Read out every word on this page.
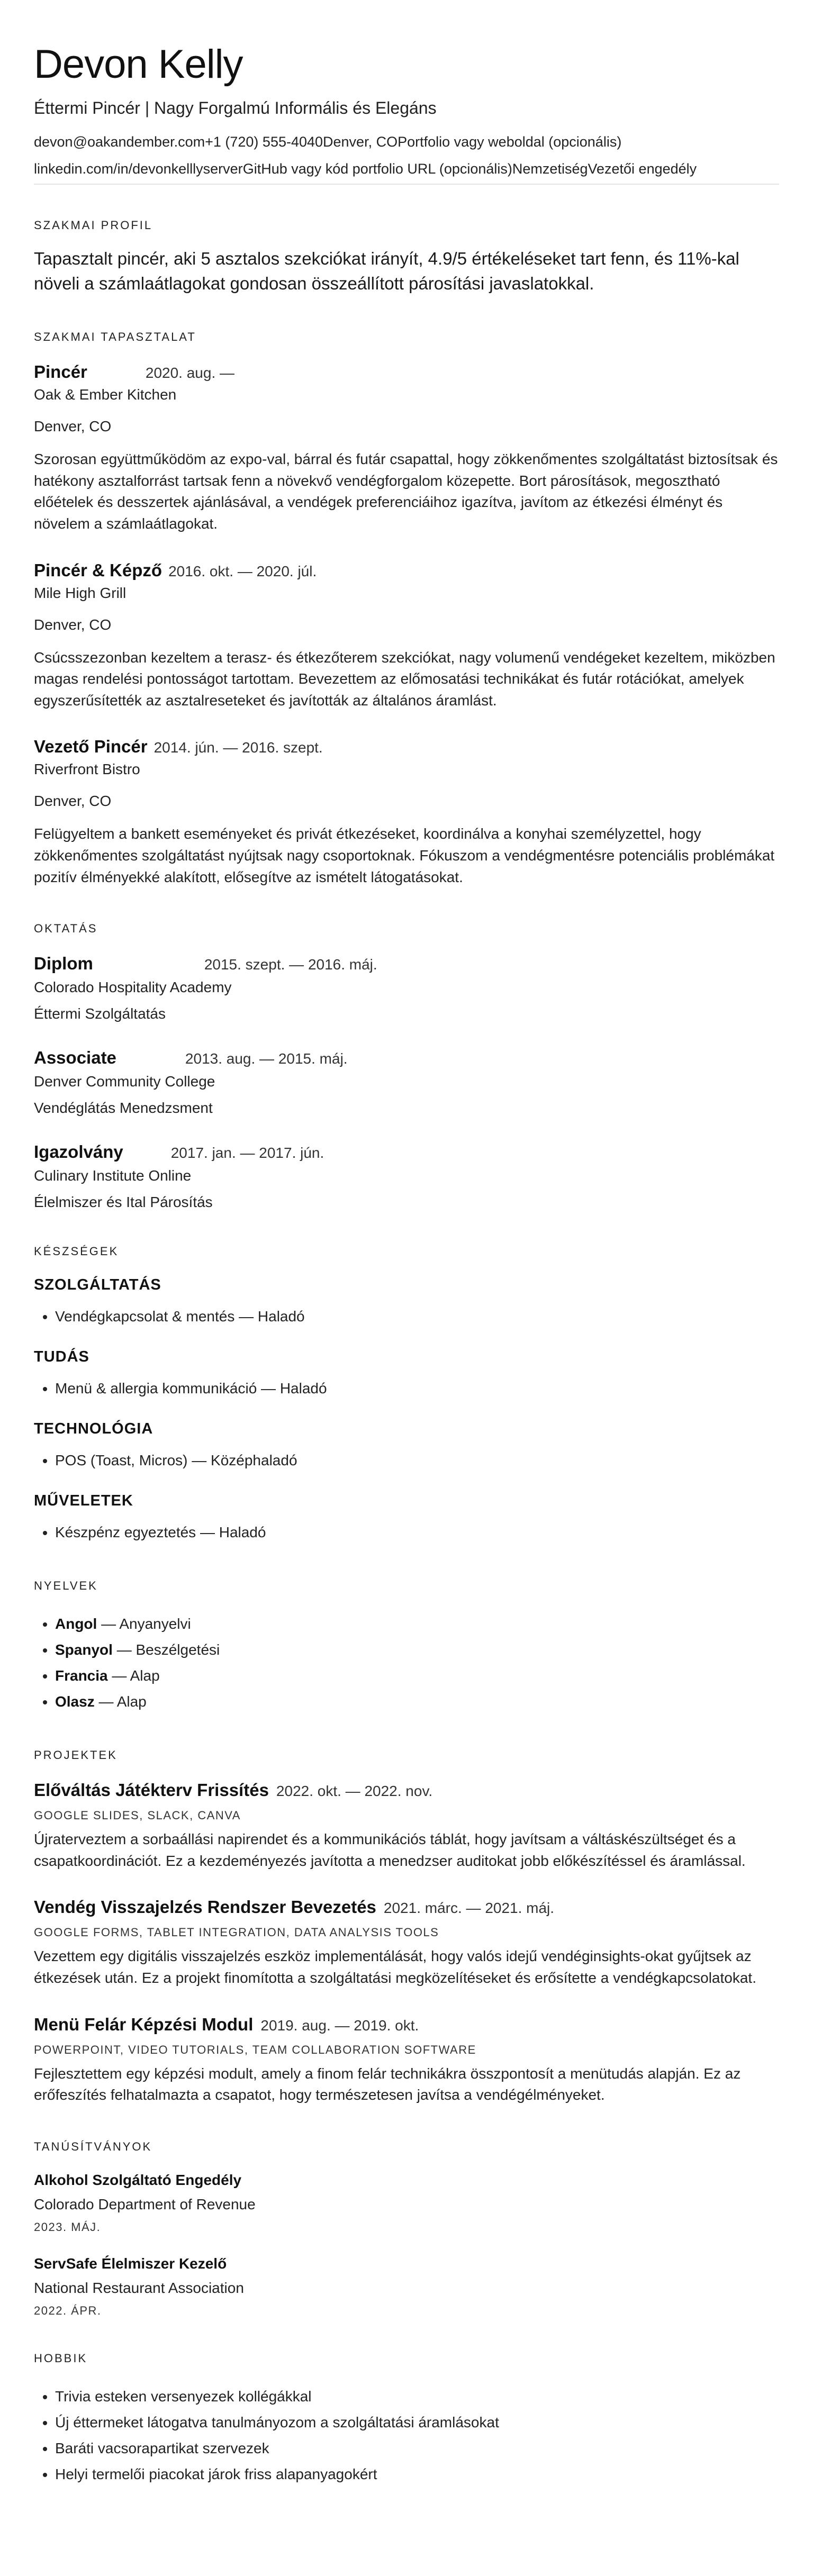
Devon Kelly
Éttermi Pincér | Nagy Forgalmú Informális és Elegáns
devon@oakandember.com+1 (720) 555-4040Denver, COPortfolio vagy weboldal (opcionális)
linkedin.com/in/devonkelllyserverGitHub vagy kód portfolio URL (opcionális)NemzetiségVezetői engedély
SZAKMAI PROFIL
Tapasztalt pincér, aki 5 asztalos szekciókat irányít, 4.9/5 értékeléseket tart fenn, és 11%-kal növeli a számlaátlagokat gondosan összeállított párosítási javaslatokkal.
SZAKMAI TAPASZTALAT
Pincér	2020. aug. —
Oak & Ember Kitchen
Denver, CO
Szorosan együttműködöm az expo-val, bárral és futár csapattal, hogy zökkenőmentes szolgáltatást biztosítsak és hatékony asztalforrást tartsak fenn a növekvő vendégforgalom közepette. Bort párosítások, megosztható előételek és desszertek ajánlásával, a vendégek preferenciáihoz igazítva, javítom az étkezési élményt és növelem a számlaátlagokat.
Pincér & Képző 2016. okt. — 2020. júl.
Mile High Grill
Denver, CO
Csúcsszezonban kezeltem a terasz- és étkezőterem szekciókat, nagy volumenű vendégeket kezeltem, miközben magas rendelési pontosságot tartottam. Bevezettem az előmosatási technikákat és futár rotációkat, amelyek egyszerűsítették az asztalreseteket és javították az általános áramlást.
Vezető Pincér 2014. jún. — 2016. szept.
Riverfront Bistro
Denver, CO
Felügyeltem a bankett eseményeket és privát étkezéseket, koordinálva a konyhai személyzettel, hogy zökkenőmentes szolgáltatást nyújtsak nagy csoportoknak. Fókuszom a vendégmentésre potenciális problémákat pozitív élményekké alakított, elősegítve az ismételt látogatásokat.
OKTATÁS
Diplom	2015. szept. — 2016. máj.
Colorado Hospitality Academy
Éttermi Szolgáltatás
Associate	2013. aug. — 2015. máj.
Denver Community College
Vendéglátás Menedzsment
Igazolvány	2017. jan. — 2017. jún.
Culinary Institute Online
Élelmiszer és Ital Párosítás
KÉSZSÉGEK
SZOLGÁLTATÁS
• Vendégkapcsolat & mentés — Haladó
TUDÁS
• Menü & allergia kommunikáció — Haladó
TECHNOLÓGIA
• POS (Toast, Micros) — Középhaladó
MŰVELETEK
• Készpénz egyeztetés — Haladó
NYELVEK
• Angol — Anyanyelvi
• Spanyol — Beszélgetési
• Francia — Alap
• Olasz — Alap
PROJEKTEK
Előváltás Játékterv Frissítés 2022. okt. — 2022. nov.
GOOGLE SLIDES, SLACK, CANVA
Újraterveztem a sorbaállási napirendet és a kommunikációs táblát, hogy javítsam a váltáskészültséget és a csapatkoordinációt. Ez a kezdeményezés javította a menedzser auditokat jobb előkészítéssel és áramlással.
Vendég Visszajelzés Rendszer Bevezetés 2021. márc. — 2021. máj.
GOOGLE FORMS, TABLET INTEGRATION, DATA ANALYSIS TOOLS
Vezettem egy digitális visszajelzés eszköz implementálását, hogy valós idejű vendéginsights-okat gyűjtsek az étkezések után. Ez a projekt finomította a szolgáltatási megközelítéseket és erősítette a vendégkapcsolatokat.
Menü Felár Képzési Modul 2019. aug. — 2019. okt.
POWERPOINT, VIDEO TUTORIALS, TEAM COLLABORATION SOFTWARE
Fejlesztettem egy képzési modult, amely a finom felár technikákra összpontosít a menütudás alapján. Ez az erőfeszítés felhatalmazta a csapatot, hogy természetesen javítsa a vendégélményeket.
TANÚSÍTVÁNYOK
Alkohol Szolgáltató Engedély
Colorado Department of Revenue
2023. MÁJ.
ServSafe Élelmiszer Kezelő
National Restaurant Association
2022. ÁPR.
HOBBIK
• Trivia esteken versenyezek kollégákkal
• Új éttermeket látogatva tanulmányozom a szolgáltatási áramlásokat
• Baráti vacsorapartikat szervezek
• Helyi termelői piacokat járok friss alapanyagokért
